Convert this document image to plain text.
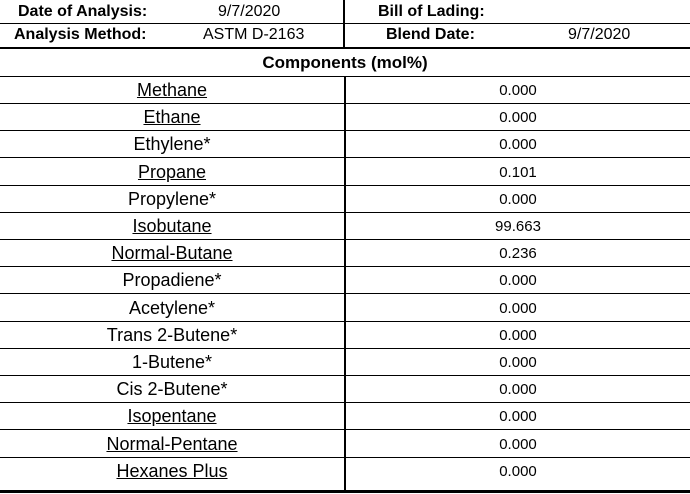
Date of Analysis:	9/7/2020	Bill of Lading:
Analysis Method:	ASTM D-2163	Blend Date:	9/7/2020
Components (mol%)
Methane	0.000
Ethane	0.000
Ethylene*	0.000
Propane	0.101
Propylene*	0.000
Isobutane	99.663
Normal-Butane	0.236
Propadiene*	0.000
Acetylene*	0.000
Trans 2-Butene*	0.000
1-Butene*	0.000
Cis 2-Butene*	0.000
Isopentane	0.000
Normal-Pentane	0.000
Hexanes Plus	0.000
